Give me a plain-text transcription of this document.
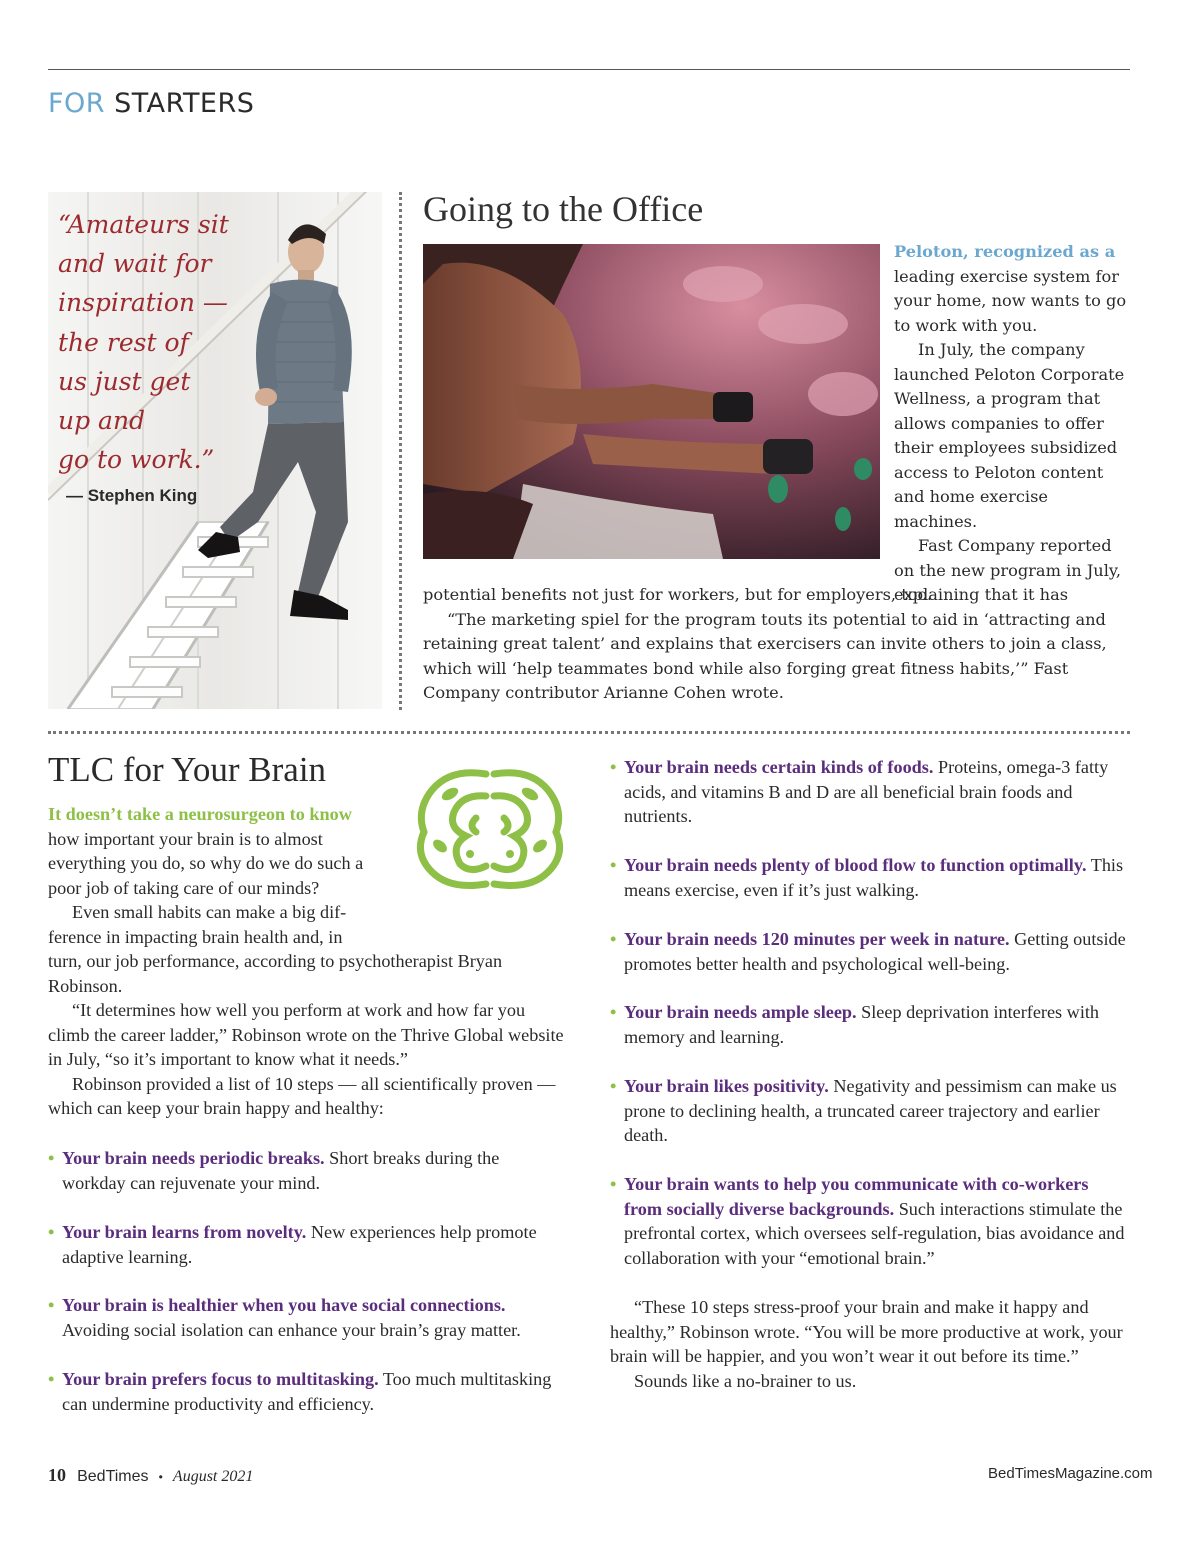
FOR STARTERS
“Amateurs sit
and wait for
inspiration —
the rest of
us just get
up and
go to work.”
— Stephen King
Going to the Office

Peloton, recognized as a leading exercise system for your home, now wants to go to work with you.

In July, the company launched Peloton Corporate Wellness, a program that allows companies to offer their employees subsidized access to Peloton content and home exercise machines.

Fast Company reported on the new program in July, explaining that it has

potential benefits not just for workers, but for employers, too.

“The marketing spiel for the program touts its potential to aid in ‘attracting and retaining great talent’ and explains that exercisers can invite others to join a class, which will ‘help teammates bond while also forging great fitness habits,’” Fast Company contributor Arianne Cohen wrote.

TLC for Your Brain
It doesn’t take a neurosurgeon to know
how important your brain is to almost
everything you do, so why do we do such a
poor job of taking care of our minds?
Even small habits can make a big dif-
ference in impacting brain health and, in

turn, our job performance, according to psychotherapist Bryan Robinson.

“It determines how well you perform at work and how far you climb the career ladder,” Robinson wrote on the Thrive Global website in July, “so it’s important to know what it needs.”

Robinson provided a list of 10 steps — all scientifically proven — which can keep your brain happy and healthy:

• Your brain needs periodic breaks. Short breaks during the workday can rejuvenate your mind.
• Your brain learns from novelty. New experiences help promote adaptive learning.
• Your brain is healthier when you have social connections. Avoiding social isolation can enhance your brain’s gray matter.
• Your brain prefers focus to multitasking. Too much multitasking can undermine productivity and efficiency.
• Your brain needs certain kinds of foods. Proteins, omega-3 fatty acids, and vitamins B and D are all beneficial brain foods and nutrients.
• Your brain needs plenty of blood flow to function optimally. This means exercise, even if it’s just walking.
• Your brain needs 120 minutes per week in nature. Getting outside promotes better health and psychological well-being.
• Your brain needs ample sleep. Sleep deprivation interferes with memory and learning.
• Your brain likes positivity. Negativity and pessimism can make us prone to declining health, a truncated career trajectory and earlier death.
• Your brain wants to help you communicate with co-workers from socially diverse backgrounds. Such interactions stimulate the prefrontal cortex, which oversees self-regulation, bias avoidance and collaboration with your “emotional brain.”

“These 10 steps stress-proof your brain and make it happy and healthy,” Robinson wrote. “You will be more productive at work, your brain will be happier, and you won’t wear it out before its time.”

Sounds like a no-brainer to us.

10 BedTimes • August 2021	BedTimesMagazine.com
